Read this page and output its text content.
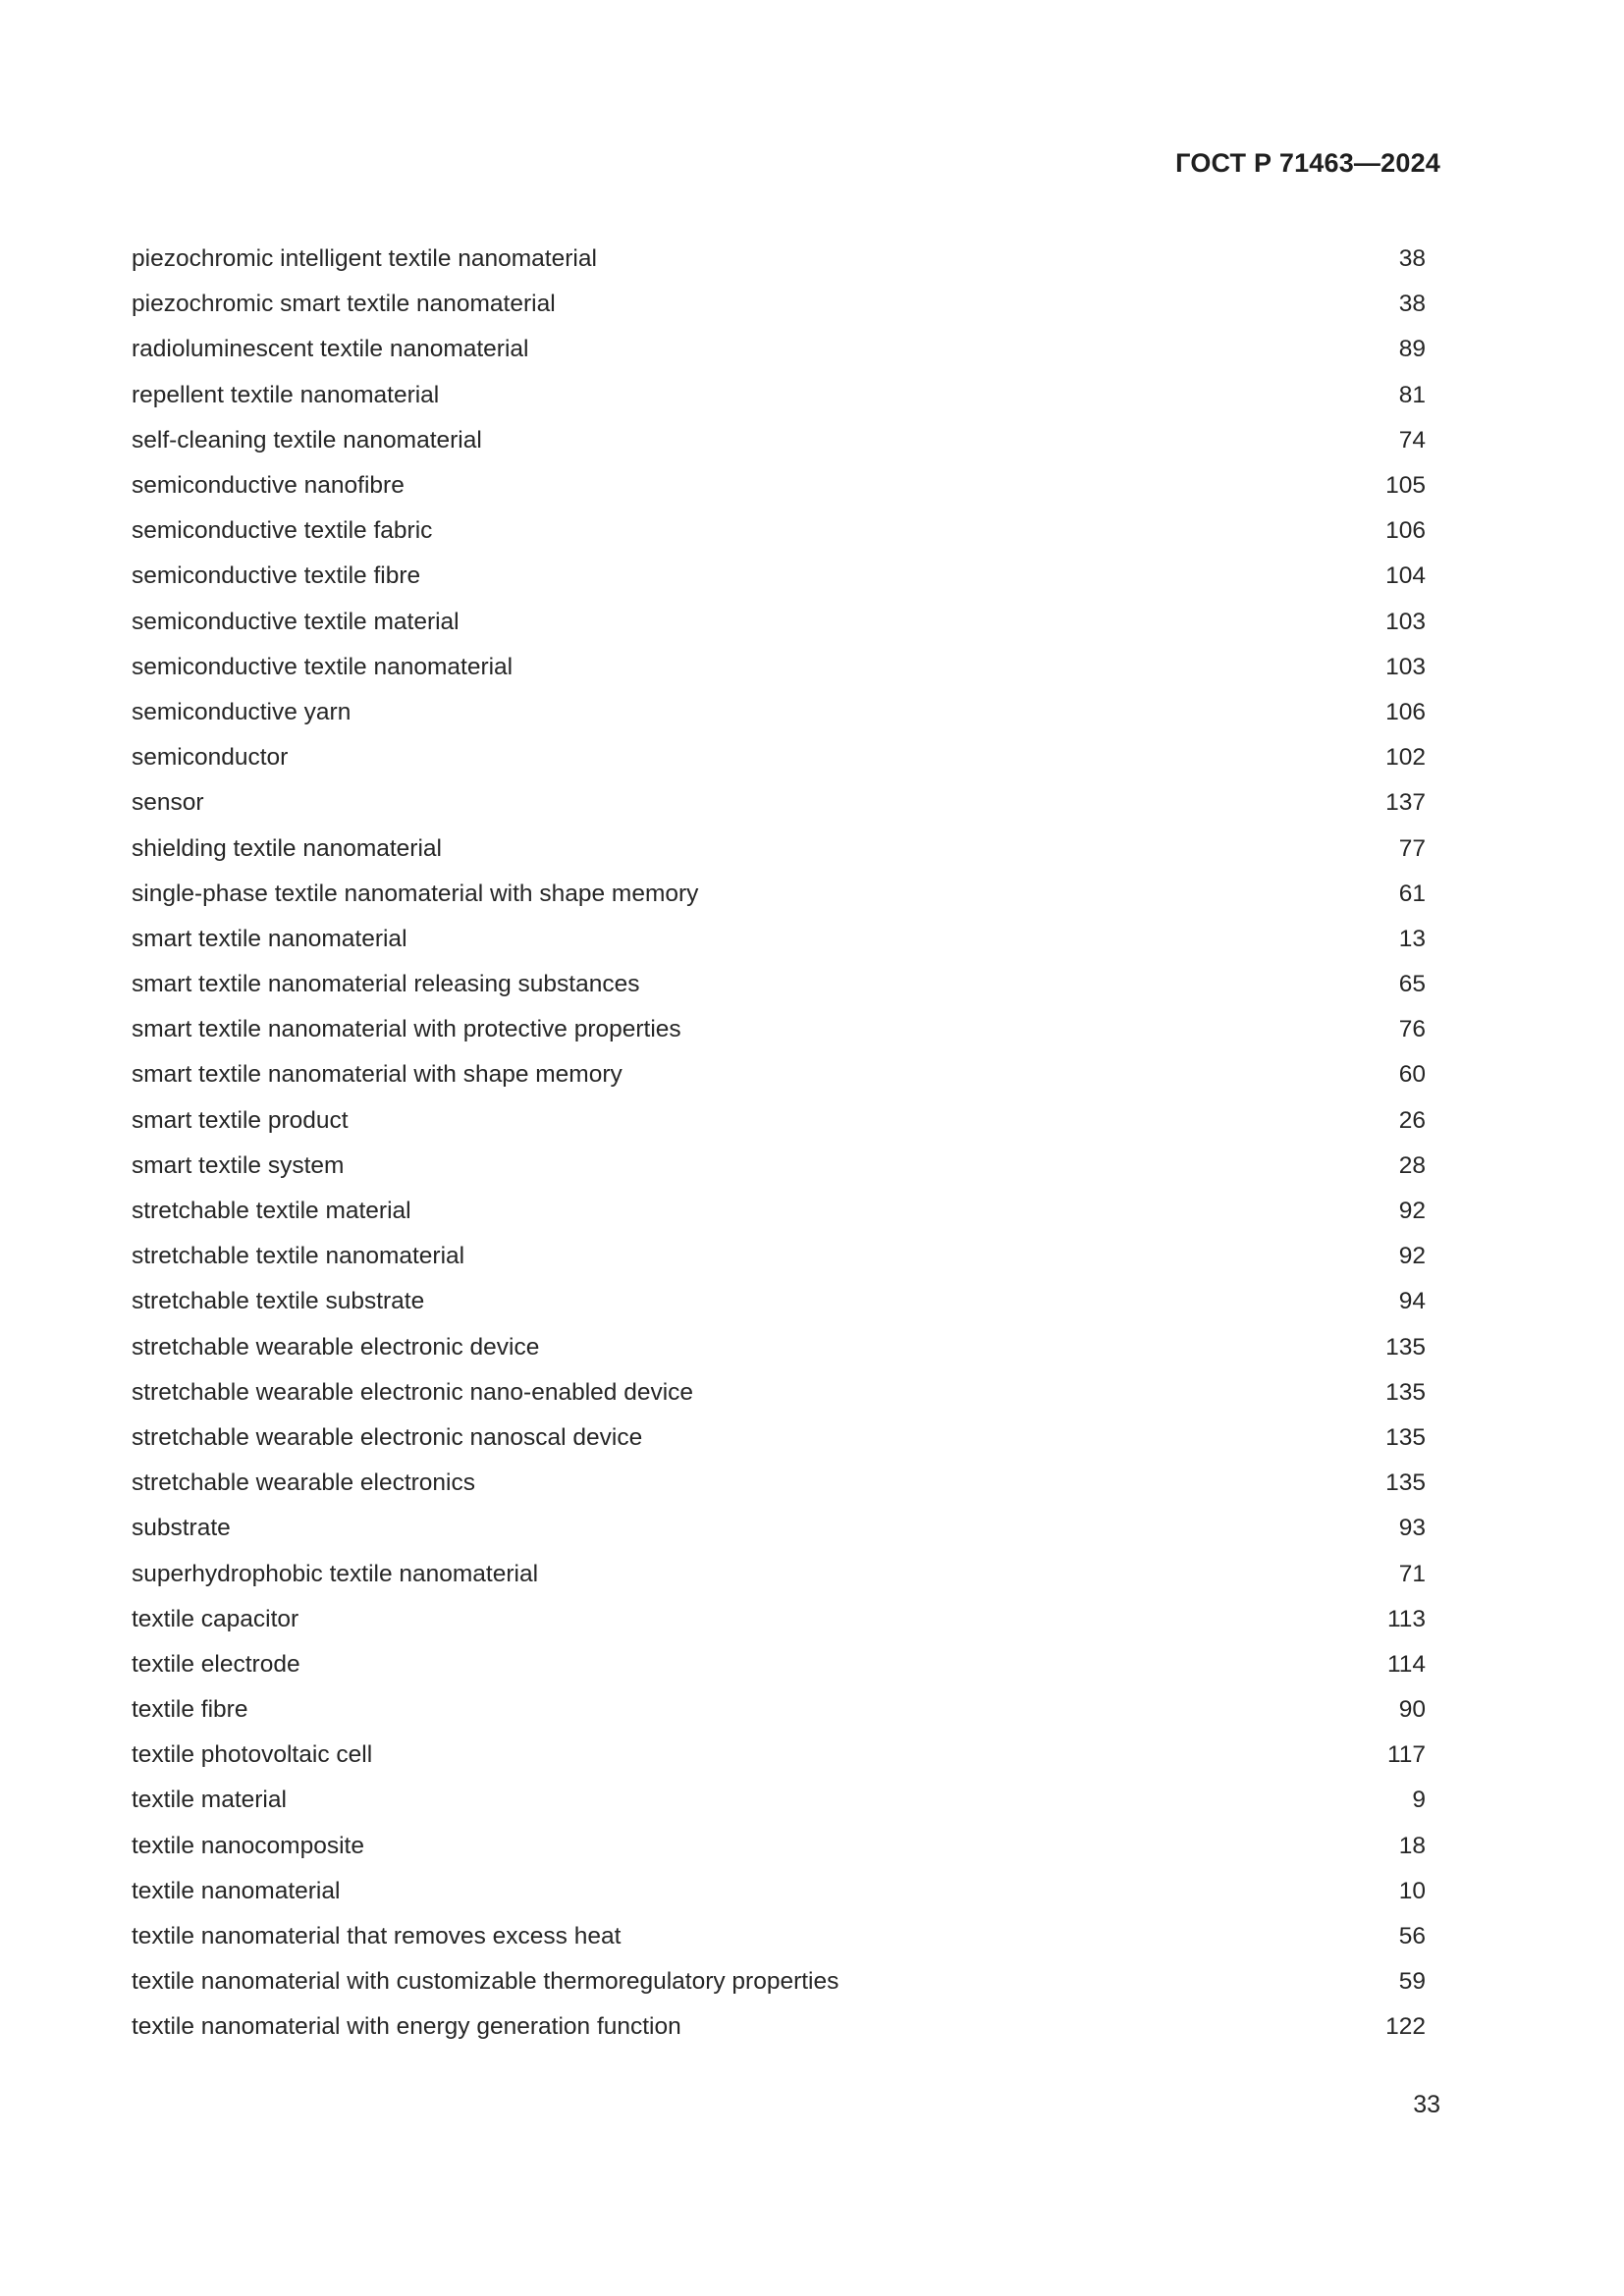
ГОСТ Р 71463—2024
piezochromic intelligent textile nanomaterial	38
piezochromic smart textile nanomaterial	38
radioluminescent textile nanomaterial	89
repellent textile nanomaterial	81
self-cleaning textile nanomaterial	74
semiconductive nanofibre	105
semiconductive textile fabric	106
semiconductive textile fibre	104
semiconductive textile material	103
semiconductive textile nanomaterial	103
semiconductive yarn	106
semiconductor	102
sensor	137
shielding textile nanomaterial	77
single-phase textile nanomaterial with shape memory	61
smart textile nanomaterial	13
smart textile nanomaterial releasing substances	65
smart textile nanomaterial with protective properties	76
smart textile nanomaterial with shape memory	60
smart textile product	26
smart textile system	28
stretchable textile material	92
stretchable textile nanomaterial	92
stretchable textile substrate	94
stretchable wearable electronic device	135
stretchable wearable electronic nano-enabled device	135
stretchable wearable electronic nanoscal device	135
stretchable wearable electronics	135
substrate	93
superhydrophobic textile nanomaterial	71
textile capacitor	113
textile electrode	114
textile fibre	90
textile photovoltaic cell	117
textile material	9
textile nanocomposite	18
textile nanomaterial	10
textile nanomaterial that removes excess heat	56
textile nanomaterial with customizable thermoregulatory properties	59
textile nanomaterial with energy generation function	122
33
